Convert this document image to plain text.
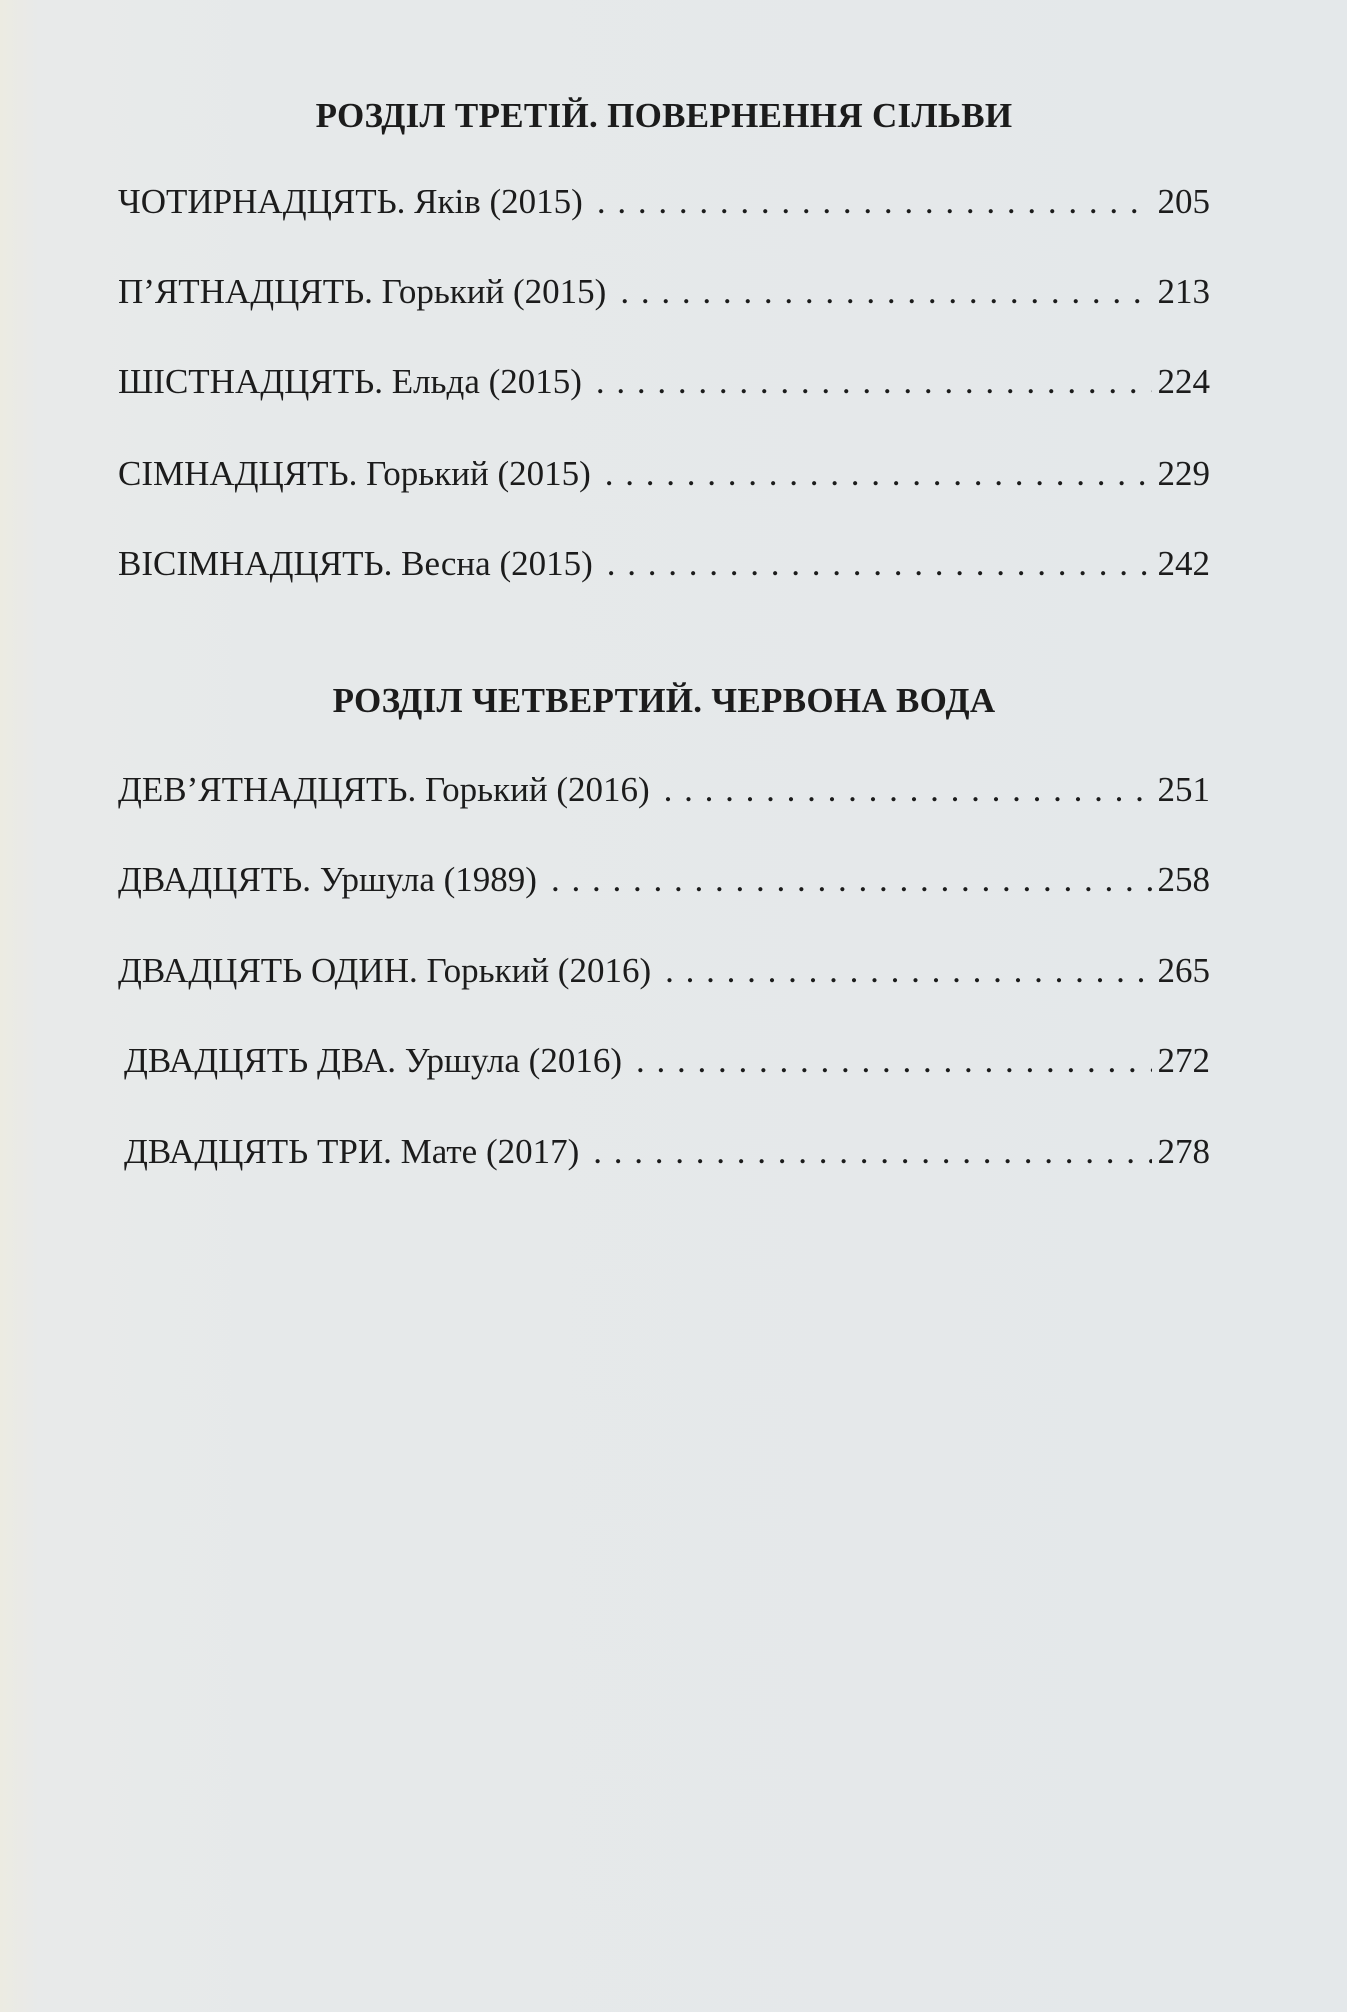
РОЗДІЛ ТРЕТІЙ. ПОВЕРНЕННЯ СІЛЬВИ
ЧОТИРНАДЦЯТЬ. Яків (2015) . . .	205
П’ЯТНАДЦЯТЬ. Горький (2015) . . .	213
ШІСТНАДЦЯТЬ. Ельда (2015) . . .	224
СІМНАДЦЯТЬ. Горький (2015) . . .	229
ВІСІМНАДЦЯТЬ. Весна (2015) . . .	242
РОЗДІЛ ЧЕТВЕРТИЙ. ЧЕРВОНА ВОДА
ДЕВ’ЯТНАДЦЯТЬ. Горький (2016) . . .	251
ДВАДЦЯТЬ. Уршула (1989) . . .	258
ДВАДЦЯТЬ ОДИН. Горький (2016) . . .	265
ДВАДЦЯТЬ ДВА. Уршула (2016) . . .	272
ДВАДЦЯТЬ ТРИ. Мате (2017) . . .	278
